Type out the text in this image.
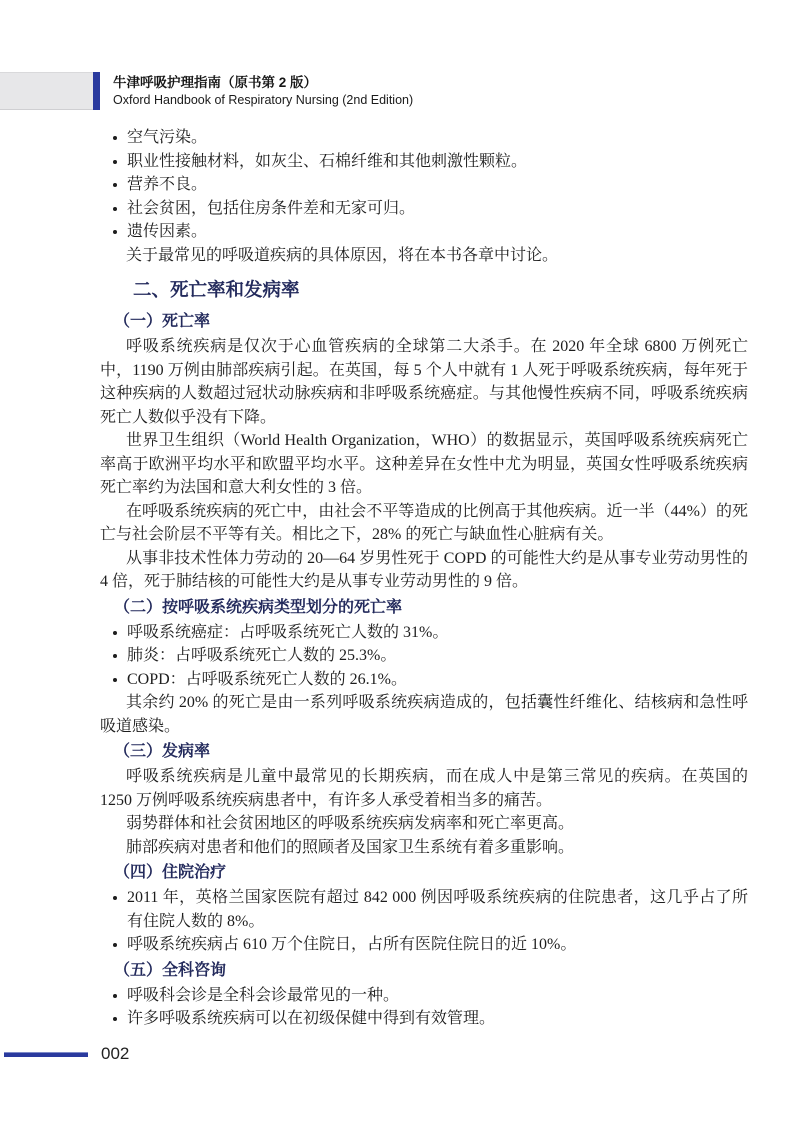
牛津呼吸护理指南（原书第 2 版）
Oxford Handbook of Respiratory Nursing (2nd Edition)
空气污染。
职业性接触材料，如灰尘、石棉纤维和其他刺激性颗粒。
营养不良。
社会贫困，包括住房条件差和无家可归。
遗传因素。

关于最常见的呼吸道疾病的具体原因，将在本书各章中讨论。

二、死亡率和发病率
（一）死亡率

呼吸系统疾病是仅次于心血管疾病的全球第二大杀手。在 2020 年全球 6800 万例死亡中，1190 万例由肺部疾病引起。在英国，每 5 个人中就有 1 人死于呼吸系统疾病，每年死于这种疾病的人数超过冠状动脉疾病和非呼吸系统癌症。与其他慢性疾病不同，呼吸系统疾病死亡人数似乎没有下降。

世界卫生组织（World Health Organization，WHO）的数据显示，英国呼吸系统疾病死亡率高于欧洲平均水平和欧盟平均水平。这种差异在女性中尤为明显，英国女性呼吸系统疾病死亡率约为法国和意大利女性的 3 倍。

在呼吸系统疾病的死亡中，由社会不平等造成的比例高于其他疾病。近一半（44%）的死亡与社会阶层不平等有关。相比之下，28% 的死亡与缺血性心脏病有关。

从事非技术性体力劳动的 20—64 岁男性死于 COPD 的可能性大约是从事专业劳动男性的 4 倍，死于肺结核的可能性大约是从事专业劳动男性的 9 倍。

（二）按呼吸系统疾病类型划分的死亡率
呼吸系统癌症：占呼吸系统死亡人数的 31%。
肺炎：占呼吸系统死亡人数的 25.3%。
COPD：占呼吸系统死亡人数的 26.1%。

其余约 20% 的死亡是由一系列呼吸系统疾病造成的，包括囊性纤维化、结核病和急性呼吸道感染。

（三）发病率

呼吸系统疾病是儿童中最常见的长期疾病，而在成人中是第三常见的疾病。在英国的 1250 万例呼吸系统疾病患者中，有许多人承受着相当多的痛苦。

弱势群体和社会贫困地区的呼吸系统疾病发病率和死亡率更高。

肺部疾病对患者和他们的照顾者及国家卫生系统有着多重影响。

（四）住院治疗
2011 年，英格兰国家医院有超过 842 000 例因呼吸系统疾病的住院患者，这几乎占了所有住院人数的 8%。
呼吸系统疾病占 610 万个住院日，占所有医院住院日的近 10%。
（五）全科咨询
呼吸科会诊是全科会诊最常见的一种。
许多呼吸系统疾病可以在初级保健中得到有效管理。
002
